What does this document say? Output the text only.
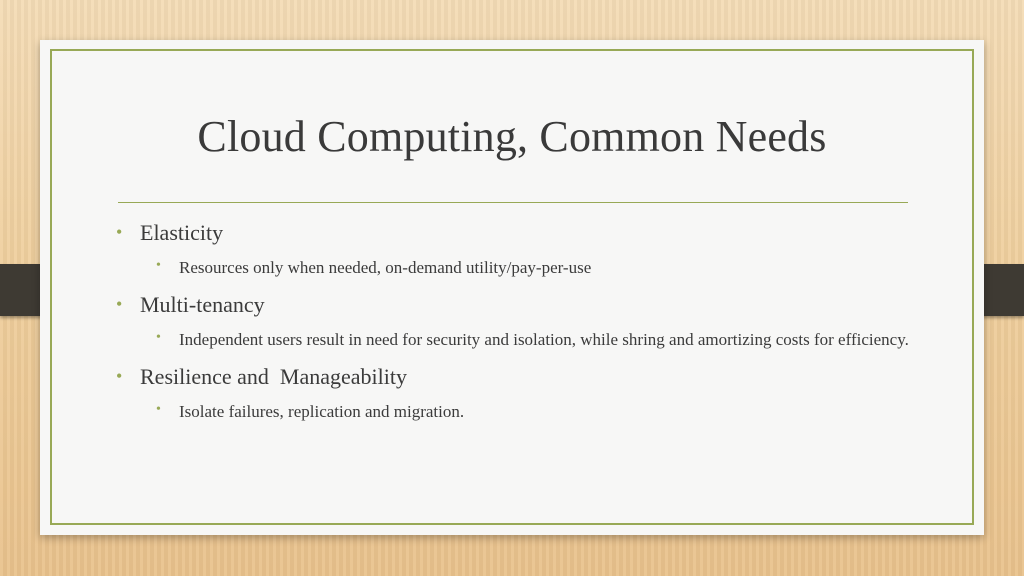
Cloud Computing, Common Needs
• Elasticity
• Resources only when needed, on-demand utility/pay-per-use
• Multi-tenancy
• Independent users result in need for security and isolation, while shring and amortizing costs for efficiency.
• Resilience and  Manageability
• Isolate failures, replication and migration.
